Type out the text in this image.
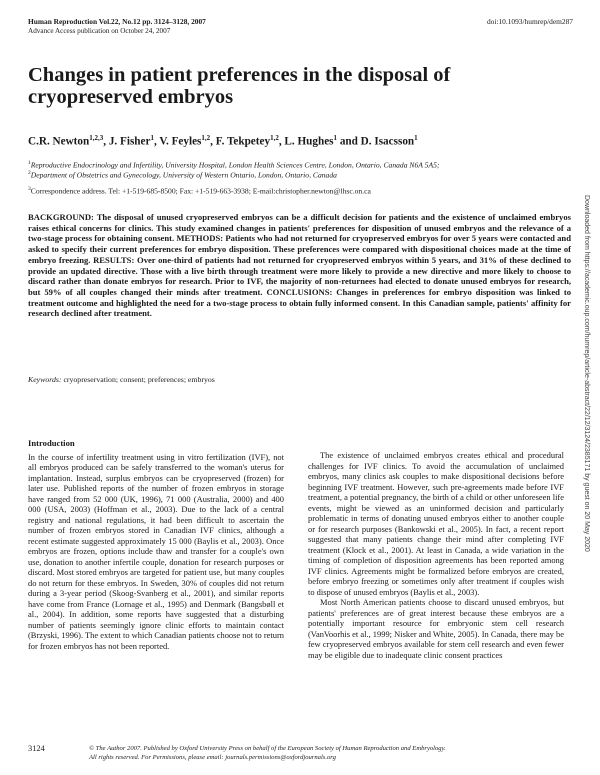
Human Reproduction Vol.22, No.12 pp. 3124–3128, 2007	doi:10.1093/humrep/dem287
Advance Access publication on October 24, 2007
Changes in patient preferences in the disposal of cryopreserved embryos
C.R. Newton$^{1,2,3}$, J. Fisher$^1$, V. Feyles$^{1,2}$, F. Tekpetey$^{1,2}$, L. Hughes$^1$ and D. Isacsson$^1$
$^1$Reproductive Endocrinology and Infertility, University Hospital, London Health Sciences Centre, London, Ontario, Canada N6A 5A5;
$^2$Department of Obstetrics and Gynecology, University of Western Ontario, London, Ontario, Canada
$^3$Correspondence address. Tel: +1-519-685-8500; Fax: +1-519-663-3938; E-mail:christopher.newton@lhsc.on.ca
BACKGROUND: The disposal of unused cryopreserved embryos can be a difficult decision for patients and the existence of unclaimed embryos raises ethical concerns for clinics. This study examined changes in patients' preferences for disposition of unused embryos and the relevance of a two-stage process for obtaining consent. METHODS: Patients who had not returned for cryopreserved embryos for over 5 years were contacted and asked to specify their current preferences for embryo disposition. These preferences were compared with dispositional choices made at the time of embryo freezing. RESULTS: Over one-third of patients had not returned for cryopreserved embryos within 5 years, and 31% of these declined to provide an updated directive. Those with a live birth through treatment were more likely to provide a new directive and more likely to choose to discard rather than donate embryos for research. Prior to IVF, the majority of non-returnees had elected to donate unused embryos for research, but 59% of all couples changed their minds after treatment. CONCLUSIONS: Changes in preferences for embryo disposition was linked to treatment outcome and highlighted the need for a two-stage process to obtain fully informed consent. In this Canadian sample, patients' affinity for research declined after treatment.
Keywords: cryopreservation; consent; preferences; embryos

Introduction

In the course of infertility treatment using in vitro fertilization (IVF), not all embryos produced can be safely transferred to the woman's uterus for implantation. Instead, surplus embryos can be cryopreserved (frozen) for later use. Published reports of the number of frozen embryos in storage have ranged from 52 000 (UK, 1996), 71 000 (Australia, 2000) and 400 000 (USA, 2003) (Hoffman et al., 2003). Due to the lack of a central registry and national regulations, it had been difficult to ascertain the number of frozen embryos stored in Canadian IVF clinics, although a recent estimate suggested approximately 15 000 (Baylis et al., 2003). Once embryos are frozen, options include thaw and transfer for a couple's own use, donation to another infertile couple, donation for research purposes or discard. Most stored embryos are targeted for patient use, but many couples do not return for these embryos. In Sweden, 30% of couples did not return during a 3-year period (Skoog-Svanberg et al., 2001), and similar reports have come from France (Lornage et al., 1995) and Denmark (Bangsbøll et al., 2004). In addition, some reports have suggested that a disturbing number of patients seemingly ignore clinic efforts to maintain contact (Brzyski, 1996). The extent to which Canadian patients choose not to return for frozen embryos has not been reported.

The existence of unclaimed embryos creates ethical and procedural challenges for IVF clinics. To avoid the accumulation of unclaimed embryos, many clinics ask couples to make dispositional decisions before beginning IVF treatment. However, such pre-agreements made before IVF treatment, a potential pregnancy, the birth of a child or other unforeseen life events, might be viewed as an uninformed decision and particularly problematic in terms of donating unused embryos either to another couple or for research purposes (Bankowski et al., 2005). In fact, a recent report suggested that many patients change their mind after completing IVF treatment (Klock et al., 2001). At least in Canada, a wide variation in the timing of completion of disposition agreements has been reported among IVF clinics. Agreements might be formalized before embryos are created, before embryo freezing or sometimes only after treatment if couples wish to dispose of unused embryos (Baylis et al., 2003).

Most North American patients choose to discard unused embryos, but patients' preferences are of great interest because these embryos are a potentially important resource for embryonic stem cell research (VanVoorhis et al., 1999; Nisker and White, 2005). In Canada, there may be few cryopreserved embryos available for stem cell research and even fewer may be eligible due to inadequate clinic consent practices

3124	© The Author 2007. Published by Oxford University Press on behalf of the European Society of Human Reproduction and Embryology.
All rights reserved. For Permissions, please email: journals.permissions@oxfordjournals.org
Downloaded from https://academic.oup.com/humrep/article-abstract/22/12/3124/2385171 by guest on 20 May 2020
